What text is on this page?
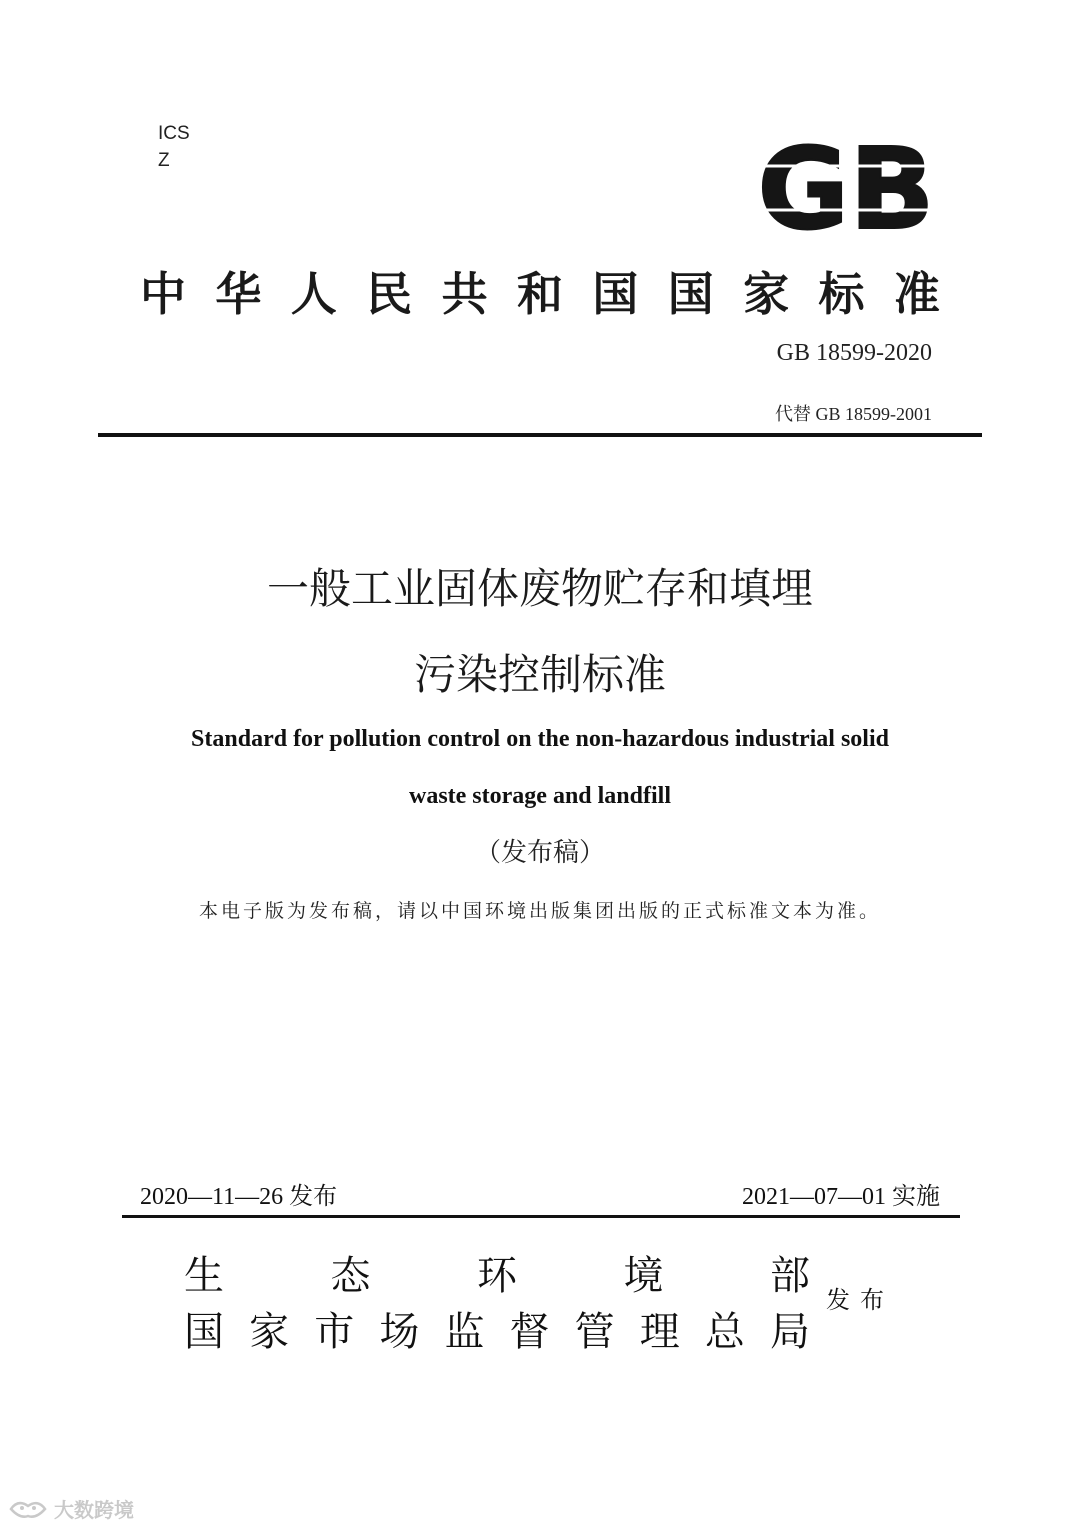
ICS
Z	GB
中 华 人 民 共 和 国 国 家 标 准
GB 18599-2020
代替 GB 18599-2001
一般工业固体废物贮存和填埋
污染控制标准
Standard for pollution control on the non-hazardous industrial solid
waste storage and landfill
（发布稿）
本电子版为发布稿，请以中国环境出版集团出版的正式标准文本为准。
2020—11—26 发布	2021—07—01 实施
生	态	环	境	部
国 家 市 场 监 督 管 理 总 局
发布
大数跨境
